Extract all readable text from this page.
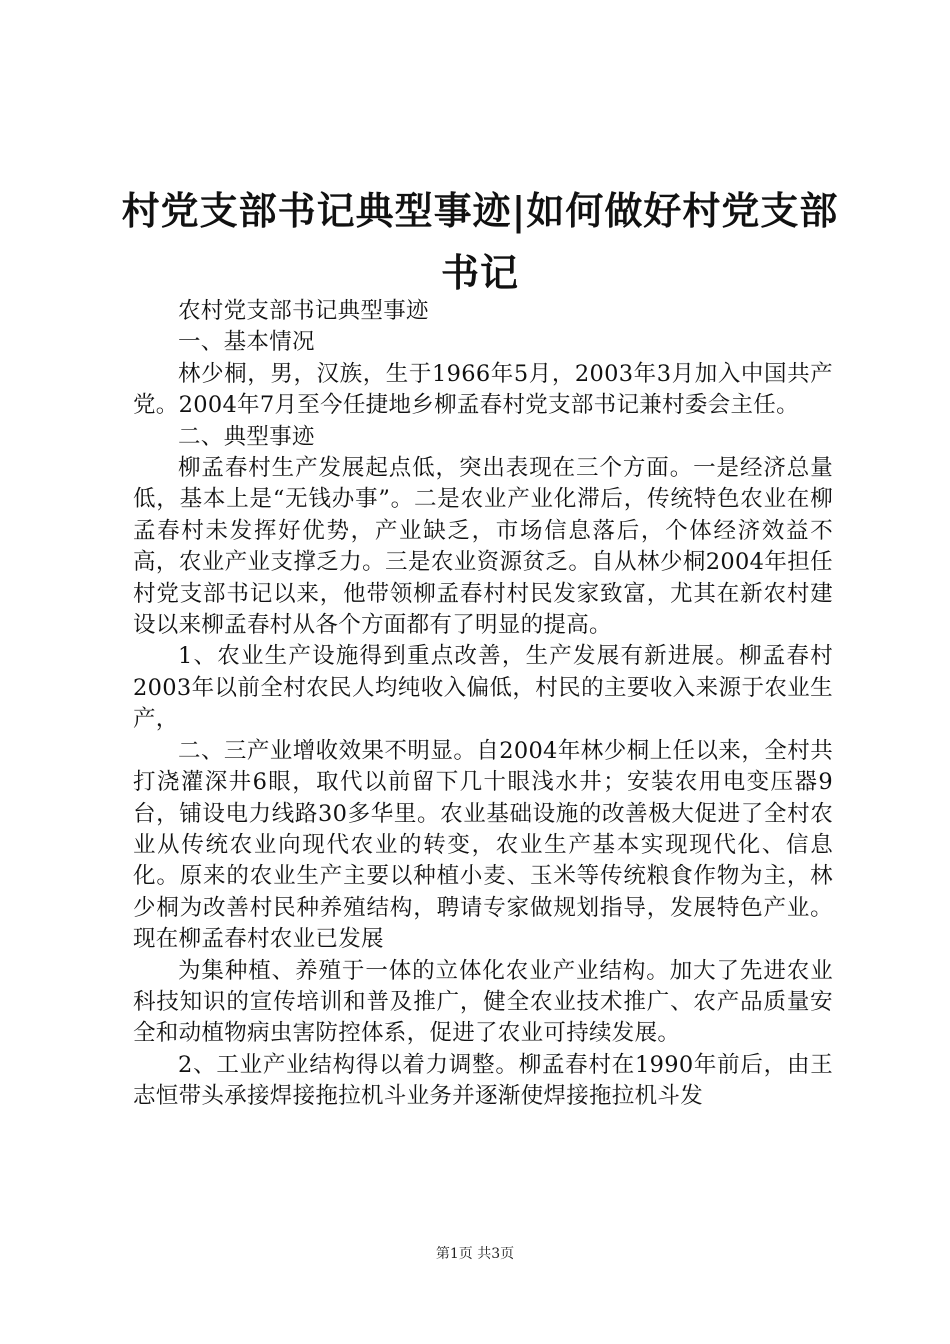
村党支部书记典型事迹|如何做好村党支部书记

农村党支部书记典型事迹

一、基本情况

林少桐，男，汉族，生于1966年5月，2003年3月加入中国共产党。2004年7月至今任捷地乡柳孟春村党支部书记兼村委会主任。

二、典型事迹

柳孟春村生产发展起点低，突出表现在三个方面。一是经济总量低，基本上是“无钱办事”。二是农业产业化滞后，传统特色农业在柳孟春村未发挥好优势，产业缺乏，市场信息落后，个体经济效益不高，农业产业支撑乏力。三是农业资源贫乏。自从林少桐2004年担任村党支部书记以来，他带领柳孟春村村民发家致富，尤其在新农村建设以来柳孟春村从各个方面都有了明显的提高。

1、农业生产设施得到重点改善，生产发展有新进展。柳孟春村2003年以前全村农民人均纯收入偏低，村民的主要收入来源于农业生产，

二、三产业增收效果不明显。自2004年林少桐上任以来，全村共打浇灌深井6眼，取代以前留下几十眼浅水井；安装农用电变压器9台，铺设电力线路30多华里。农业基础设施的改善极大促进了全村农业从传统农业向现代农业的转变，农业生产基本实现现代化、信息化。原来的农业生产主要以种植小麦、玉米等传统粮食作物为主，林少桐为改善村民种养殖结构，聘请专家做规划指导，发展特色产业。现在柳孟春村农业已发展

为集种植、养殖于一体的立体化农业产业结构。加大了先进农业科技知识的宣传培训和普及推广，健全农业技术推广、农产品质量安全和动植物病虫害防控体系，促进了农业可持续发展。

2、工业产业结构得以着力调整。柳孟春村在1990年前后，由王志恒带头承接焊接拖拉机斗业务并逐渐使焊接拖拉机斗发

第1页 共3页
